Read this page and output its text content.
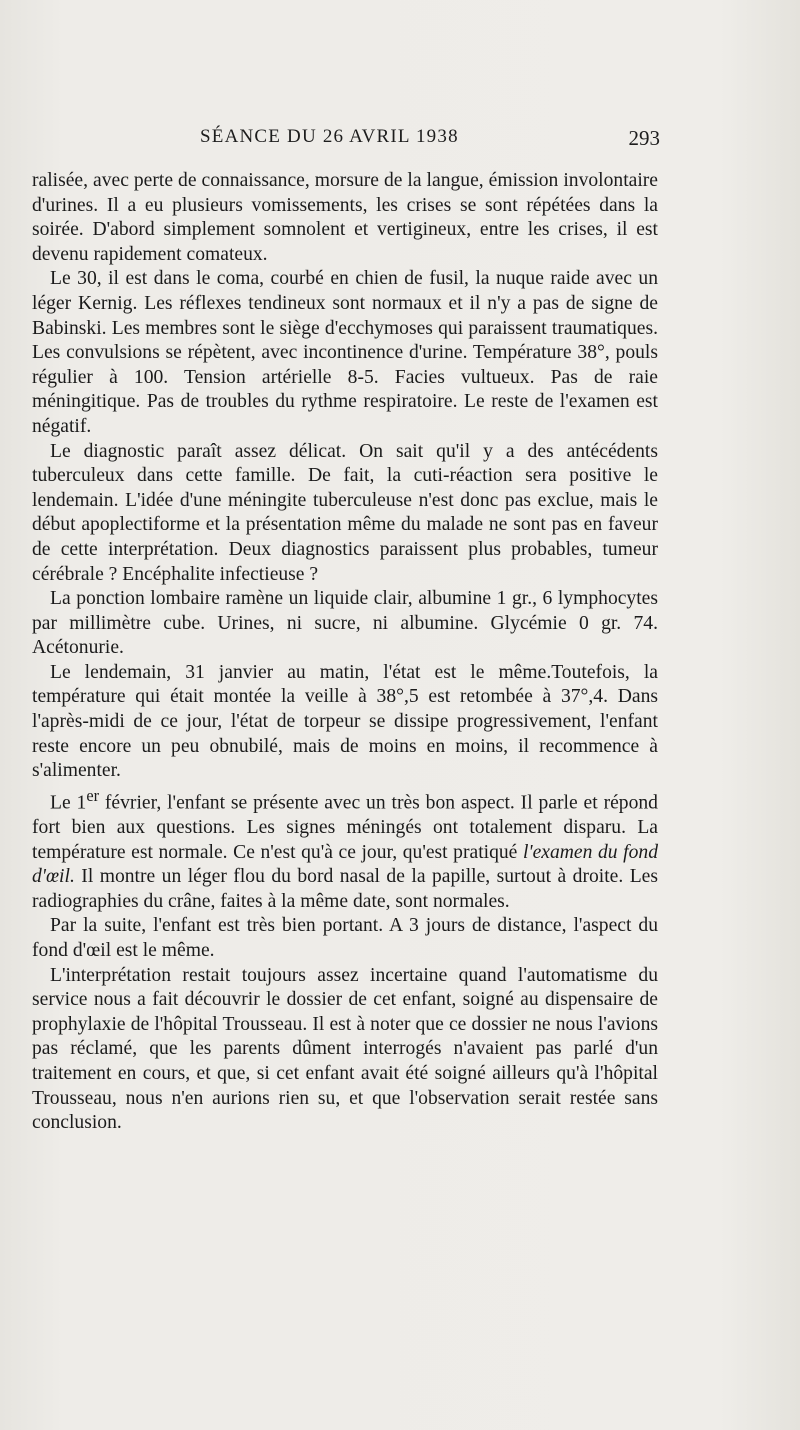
SÉANCE DU 26 AVRIL 1938	293

ralisée, avec perte de connaissance, morsure de la langue, émission involontaire d'urines. Il a eu plusieurs vomissements, les crises se sont répétées dans la soirée. D'abord simplement somnolent et vertigineux, entre les crises, il est devenu rapidement comateux.

Le 30, il est dans le coma, courbé en chien de fusil, la nuque raide avec un léger Kernig. Les réflexes tendineux sont normaux et il n'y a pas de signe de Babinski. Les membres sont le siège d'ecchymoses qui paraissent traumatiques. Les convulsions se répètent, avec incontinence d'urine. Température 38°, pouls régulier à 100. Tension artérielle 8-5. Facies vultueux. Pas de raie méningitique. Pas de troubles du rythme respiratoire. Le reste de l'examen est négatif.

Le diagnostic paraît assez délicat. On sait qu'il y a des antécédents tuberculeux dans cette famille. De fait, la cuti-réaction sera positive le lendemain. L'idée d'une méningite tuberculeuse n'est donc pas exclue, mais le début apoplectiforme et la présentation même du malade ne sont pas en faveur de cette interprétation. Deux diagnostics paraissent plus probables, tumeur cérébrale ? Encéphalite infectieuse ?

La ponction lombaire ramène un liquide clair, albumine 1 gr., 6 lymphocytes par millimètre cube. Urines, ni sucre, ni albumine. Glycémie 0 gr. 74. Acétonurie.

Le lendemain, 31 janvier au matin, l'état est le même.Toutefois, la température qui était montée la veille à 38°,5 est retombée à 37°,4. Dans l'après-midi de ce jour, l'état de torpeur se dissipe progressivement, l'enfant reste encore un peu obnubilé, mais de moins en moins, il recommence à s'alimenter.

Le 1er février, l'enfant se présente avec un très bon aspect. Il parle et répond fort bien aux questions. Les signes méningés ont totalement disparu. La température est normale. Ce n'est qu'à ce jour, qu'est pratiqué l'examen du fond d'œil. Il montre un léger flou du bord nasal de la papille, surtout à droite. Les radiographies du crâne, faites à la même date, sont normales.

Par la suite, l'enfant est très bien portant. A 3 jours de distance, l'aspect du fond d'œil est le même.

L'interprétation restait toujours assez incertaine quand l'automatisme du service nous a fait découvrir le dossier de cet enfant, soigné au dispensaire de prophylaxie de l'hôpital Trousseau. Il est à noter que ce dossier ne nous l'avions pas réclamé, que les parents dûment interrogés n'avaient pas parlé d'un traitement en cours, et que, si cet enfant avait été soigné ailleurs qu'à l'hôpital Trousseau, nous n'en aurions rien su, et que l'observation serait restée sans conclusion.
